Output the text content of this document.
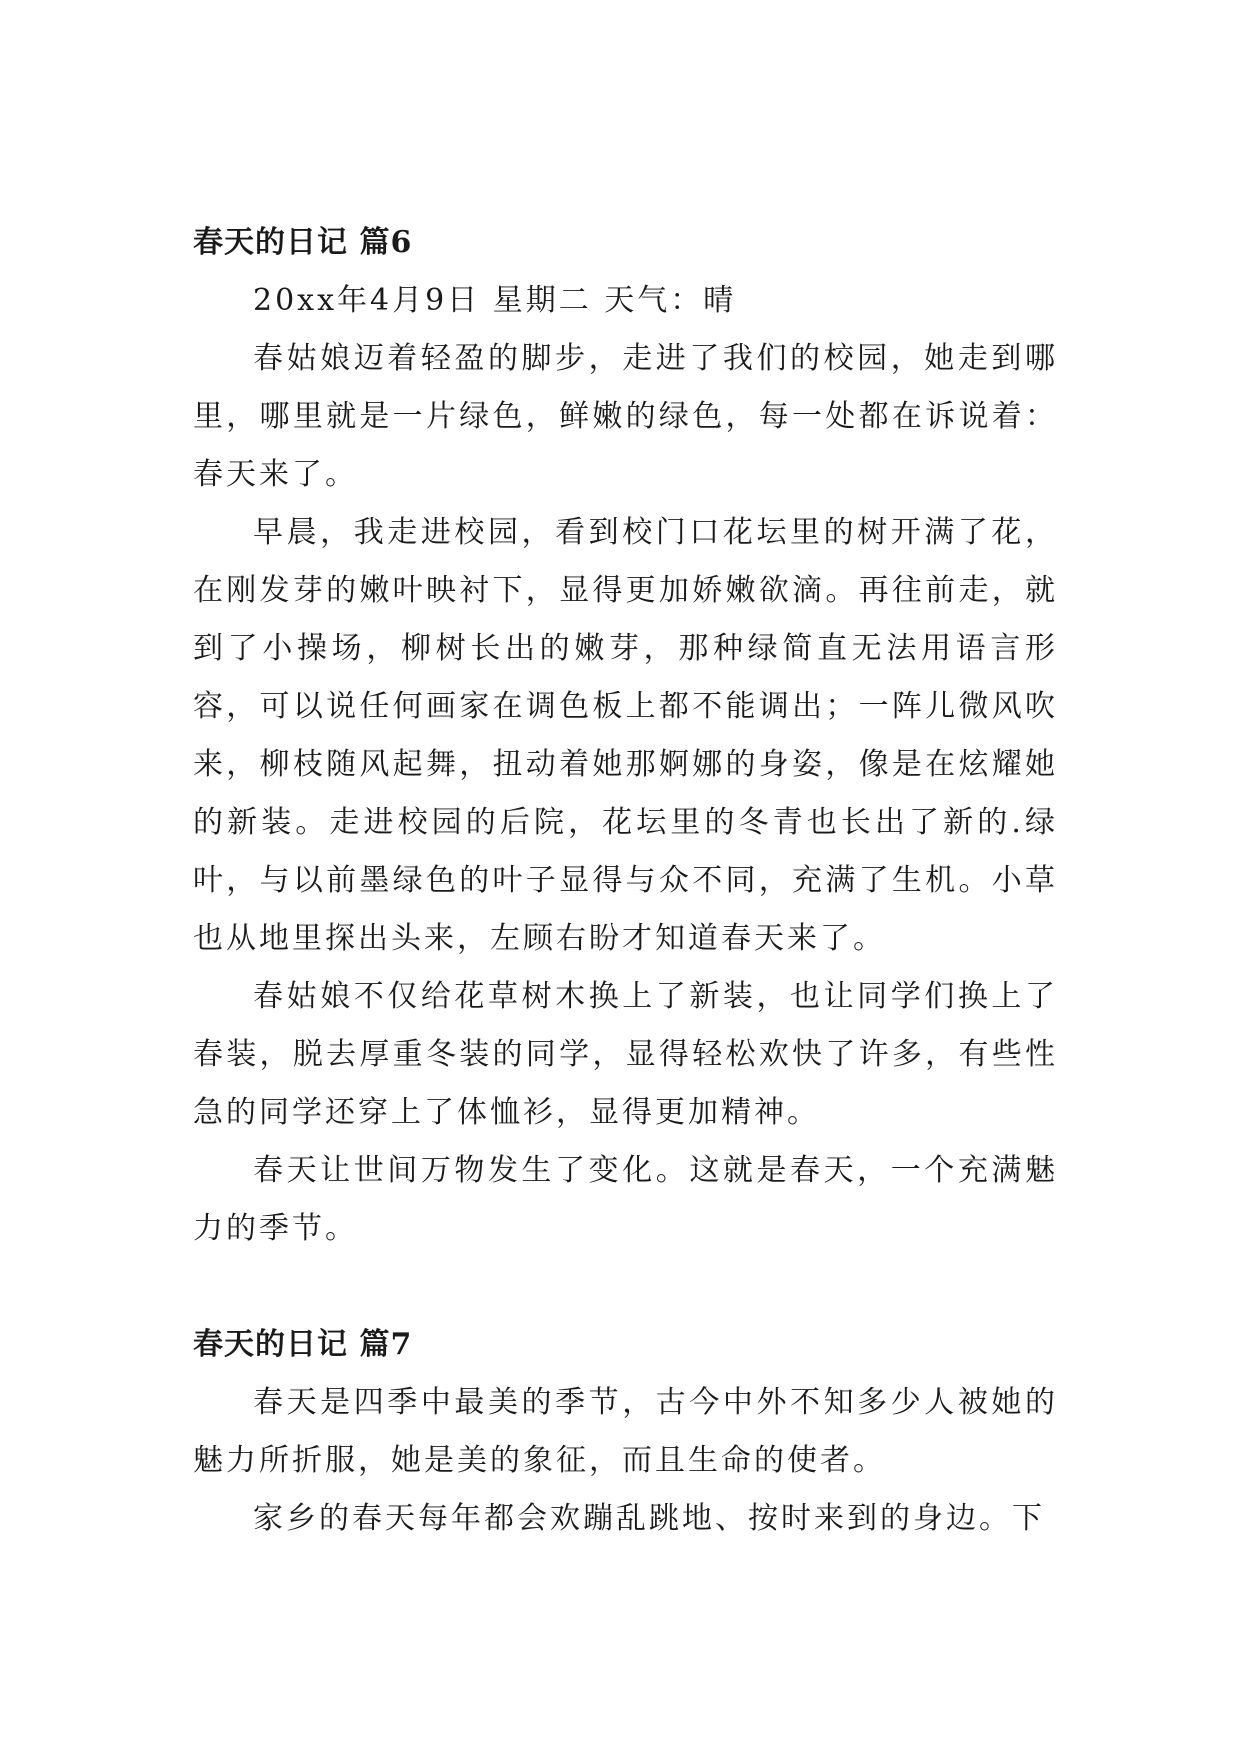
春天的日记 篇6

20xx年4月9日 星期二 天气：晴

春姑娘迈着轻盈的脚步，走进了我们的校园，她走到哪里，哪里就是一片绿色，鲜嫩的绿色，每一处都在诉说着：春天来了。

早晨，我走进校园，看到校门口花坛里的树开满了花，在刚发芽的嫩叶映衬下，显得更加娇嫩欲滴。再往前走，就到了小操场，柳树长出的嫩芽，那种绿简直无法用语言形容，可以说任何画家在调色板上都不能调出；一阵儿微风吹来，柳枝随风起舞，扭动着她那婀娜的身姿，像是在炫耀她的新装。走进校园的后院，花坛里的冬青也长出了新的.绿叶，与以前墨绿色的叶子显得与众不同，充满了生机。小草也从地里探出头来，左顾右盼才知道春天来了。

春姑娘不仅给花草树木换上了新装，也让同学们换上了春装，脱去厚重冬装的同学，显得轻松欢快了许多，有些性急的同学还穿上了体恤衫，显得更加精神。

春天让世间万物发生了变化。这就是春天，一个充满魅力的季节。

春天的日记 篇7

春天是四季中最美的季节，古今中外不知多少人被她的魅力所折服，她是美的象征，而且生命的使者。

家乡的春天每年都会欢蹦乱跳地、按时来到的身边。下
